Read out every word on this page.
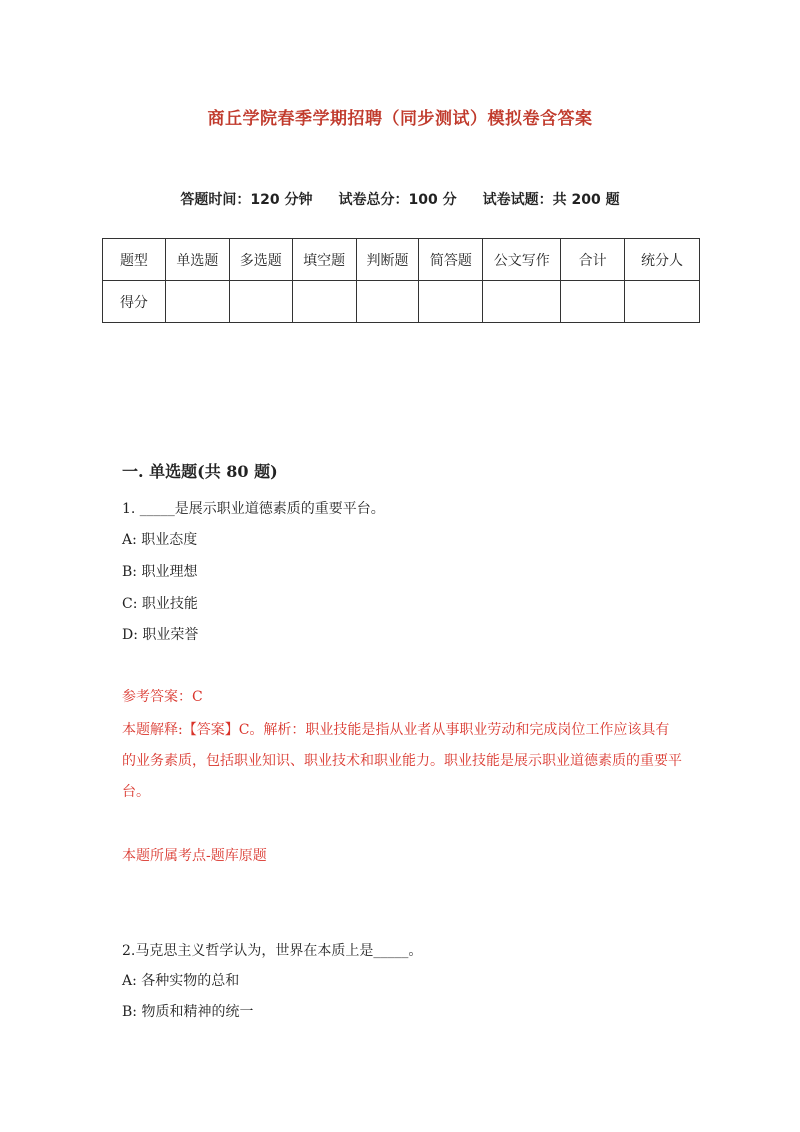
商丘学院春季学期招聘（同步测试）模拟卷含答案
答题时间：120 分钟 试卷总分：100 分 试卷试题：共 200 题
题型	单选题	多选题	填空题	判断题	简答题	公文写作	合计	统分人
得分								
一. 单选题(共 80 题)
1. _____是展示职业道德素质的重要平台。
A: 职业态度
B: 职业理想
C: 职业技能
D: 职业荣誉
参考答案：C
本题解释:【答案】C。解析：职业技能是指从业者从事职业劳动和完成岗位工作应该具有的业务素质，包括职业知识、职业技术和职业能力。职业技能是展示职业道德素质的重要平台。
本题所属考点-题库原题
2.马克思主义哲学认为，世界在本质上是_____。
A: 各种实物的总和
B: 物质和精神的统一
